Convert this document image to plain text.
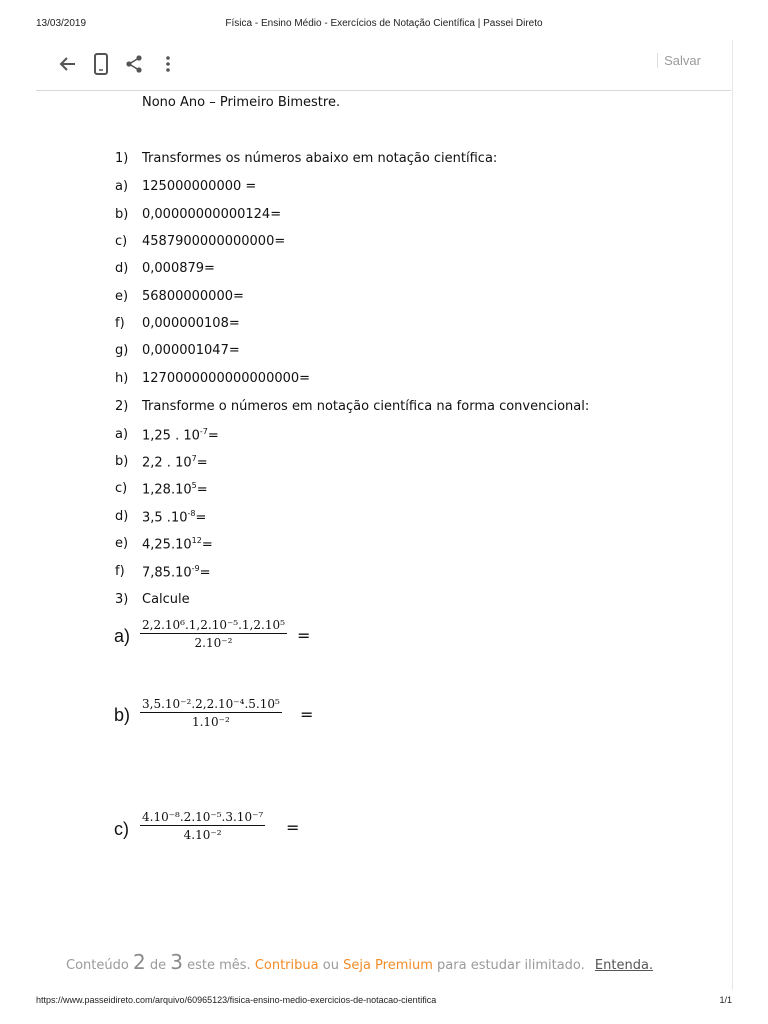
13/03/2019	Física - Ensino Médio - Exercícios de Notação Científica | Passei Direto
Salvar
Nono Ano – Primeiro Bimestre.
1) Transformes os números abaixo em notação científica:
a) 125000000000 =
b) 0,00000000000124=
c) 4587900000000000=
d) 0,000879=
e) 56800000000=
f) 0,000000108=
g) 0,000001047=
h) 1270000000000000000=
2) Transforme o números em notação científica na forma convencional:
a) 1,25 . $10^{-7}=$
b) 2,2 . $10^7=$
c) $1,28.10^5=$
d) 3,5 $.10^{-8}=$
e) $4,25.10^{12}=$
f) $7,85.10^{-9}=$
3) Calcule
$a) \frac{\text{2,2.10⁶.1,2.10⁻⁵.1,2.10⁵}}{\text{2.10⁻²}}$ =
$b) \frac{\text{3,5.10⁻².2,2.10⁻⁴.5.10⁵}}{\text{1.10⁻²}}$ =
$c) \frac{\text{4.10⁻⁸.2.10⁻⁵.3.10⁻⁷}}{\text{4.10⁻²}}$ =
Conteúdo 2 de 3 este mês. Contribua ou Seja Premium para estudar ilimitado. Entenda.
https://www.passeidireto.com/arquivo/60965123/fisica-ensino-medio-exercicios-de-notacao-cientifica	1/1
